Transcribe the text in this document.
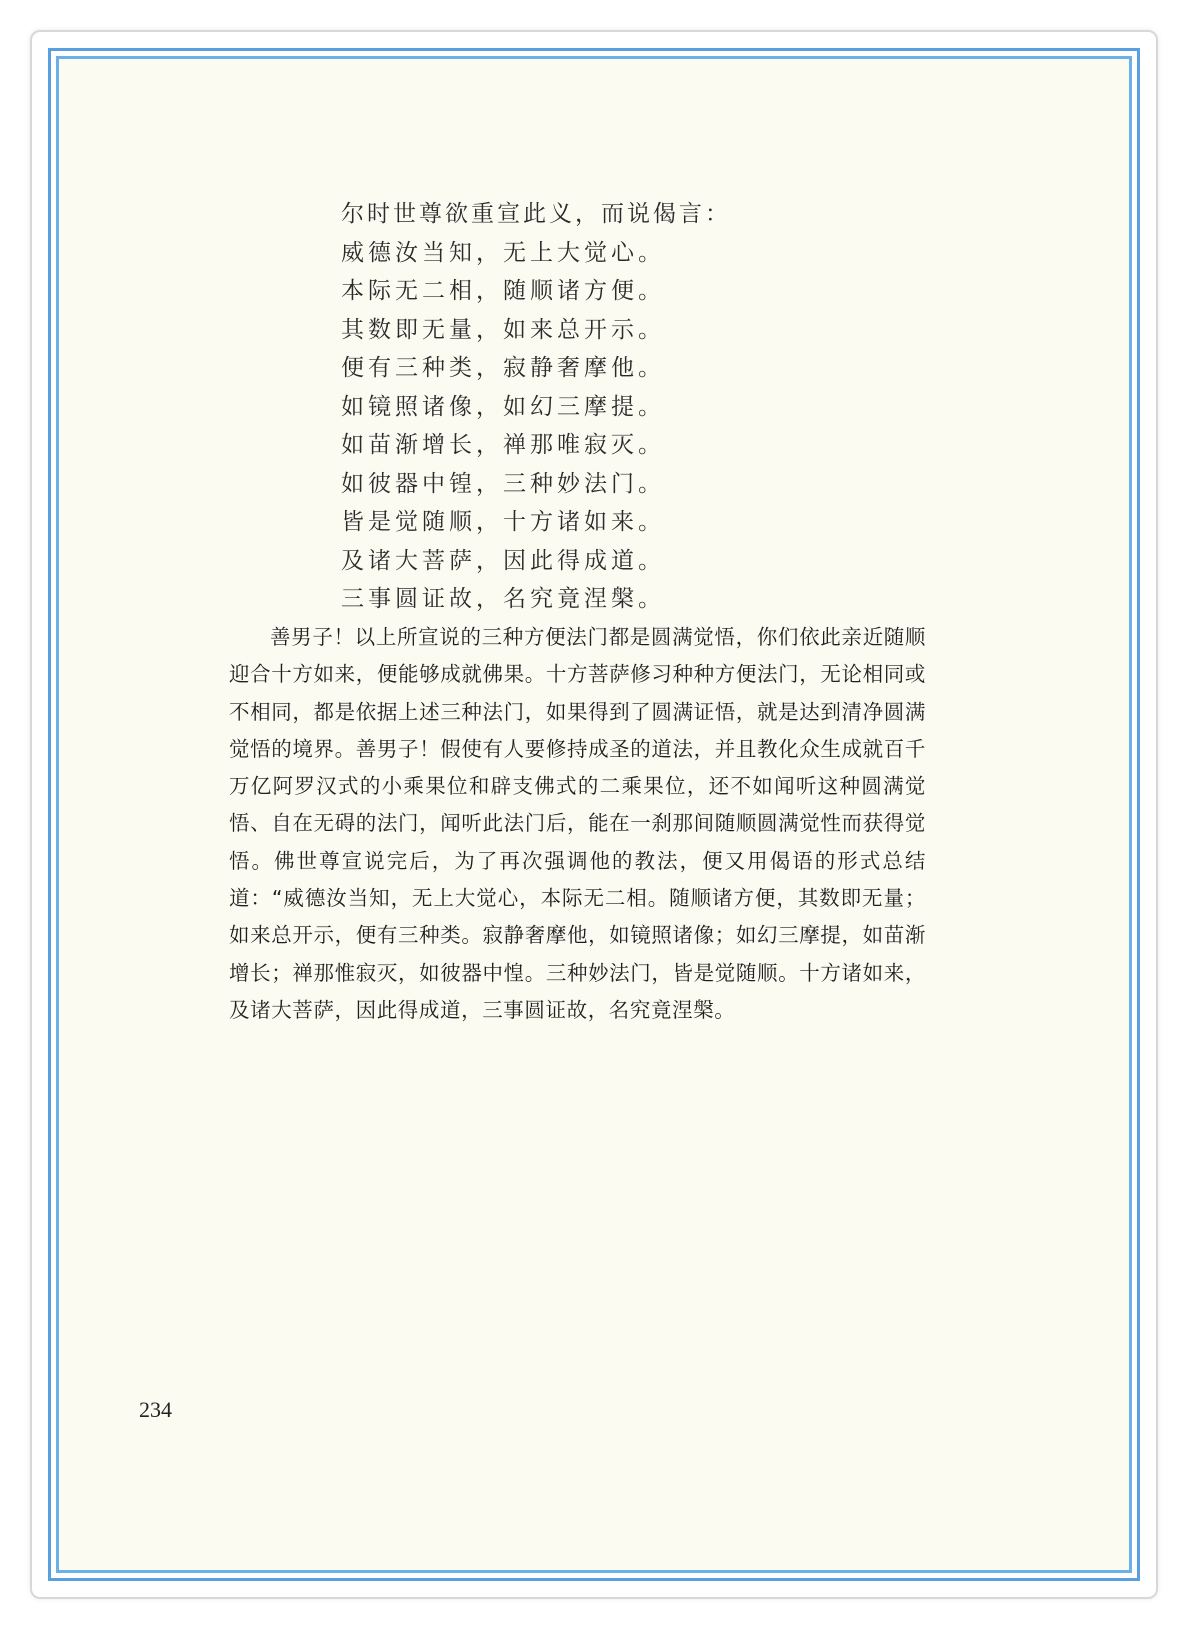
尔时世尊欲重宣此义，而说偈言：
威德汝当知，无上大觉心。
本际无二相，随顺诸方便。
其数即无量，如来总开示。
便有三种类，寂静奢摩他。
如镜照诸像，如幻三摩提。
如苗渐增长，禅那唯寂灭。
如彼器中锽，三种妙法门。
皆是觉随顺，十方诸如来。
及诸大菩萨，因此得成道。
三事圆证故，名究竟涅槃。

善男子！以上所宣说的三种方便法门都是圆满觉悟，你们依此亲近随顺迎合十方如来，便能够成就佛果。十方菩萨修习种种方便法门，无论相同或不相同，都是依据上述三种法门，如果得到了圆满证悟，就是达到清净圆满觉悟的境界。善男子！假使有人要修持成圣的道法，并且教化众生成就百千万亿阿罗汉式的小乘果位和辟支佛式的二乘果位，还不如闻听这种圆满觉悟、自在无碍的法门，闻听此法门后，能在一刹那间随顺圆满觉性而获得觉悟。佛世尊宣说完后，为了再次强调他的教法，便又用偈语的形式总结道：“威德汝当知，无上大觉心，本际无二相。随顺诸方便，其数即无量；如来总开示，便有三种类。寂静奢摩他，如镜照诸像；如幻三摩提，如苗渐增长；禅那惟寂灭，如彼器中惶。三种妙法门，皆是觉随顺。十方诸如来，及诸大菩萨，因此得成道，三事圆证故，名究竟涅槃。

234
